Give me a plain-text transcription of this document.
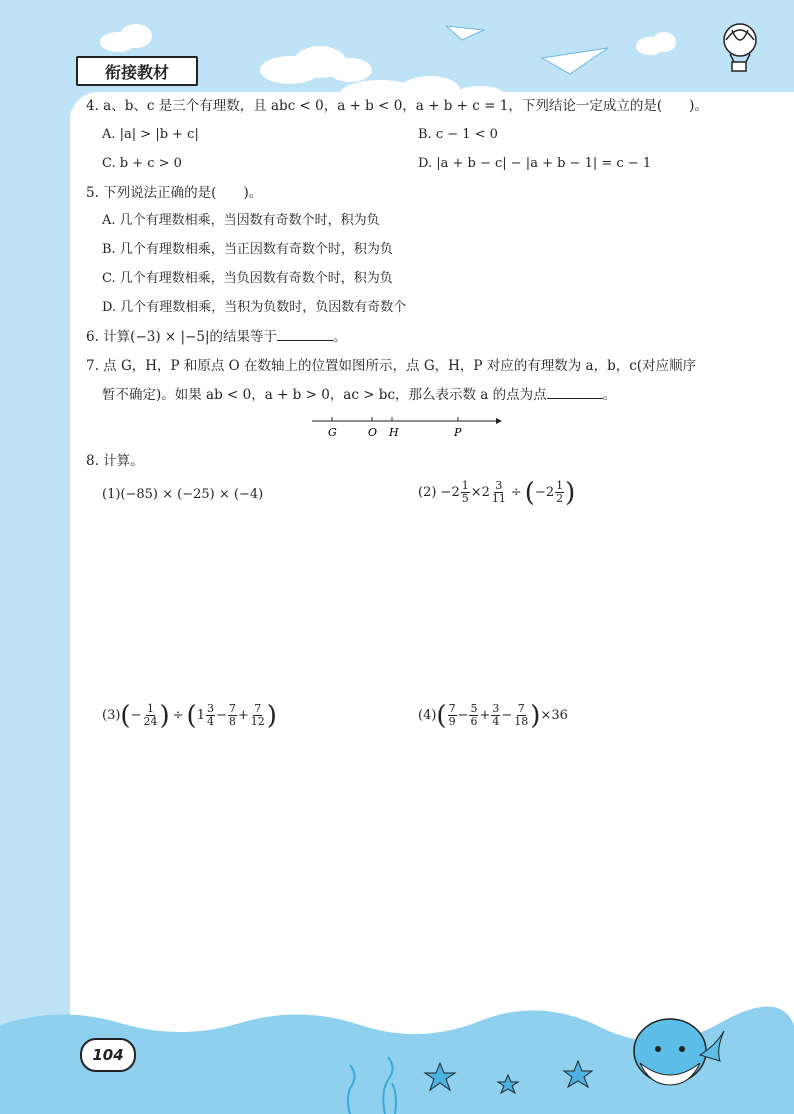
衔接教材
4. a、b、c 是三个有理数，且 abc < 0，a + b < 0，a + b + c = 1，下列结论一定成立的是(　　)。
A. |a| > |b + c|	B. c − 1 < 0
C. b + c > 0	D. |a + b − c| − |a + b − 1| = c − 1
5. 下列说法正确的是(　　)。
A. 几个有理数相乘，当因数有奇数个时，积为负
B. 几个有理数相乘，当正因数有奇数个时，积为负
C. 几个有理数相乘，当负因数有奇数个时，积为负
D. 几个有理数相乘，当积为负数时，负因数有奇数个
6. 计算(−3) × |−5|的结果等于	。
7. 点 G，H，P 和原点 O 在数轴上的位置如图所示，点 G，H，P 对应的有理数为 a，b，c(对应顺序
暂不确定)。如果 ab < 0，a + b > 0，ac > bc，那么表示数 a 的点为点	。
G	O H	P
8. 计算。
(1)(−85) × (−25) × (−4)	$(2) -2 \frac{1}{5} \times 2 \frac{3}{11}$ ÷ ( $-2 \frac{1}{2}$ )
(3) ( − $\frac{1}{24}$ ) ÷ ( $1 \frac{3}{4} - \frac{7}{8} + \frac{7}{12}$ )	(4) ( $\frac{7}{9} - \frac{5}{6} + \frac{3}{4} - \frac{7}{18}$ ) ×36
104
